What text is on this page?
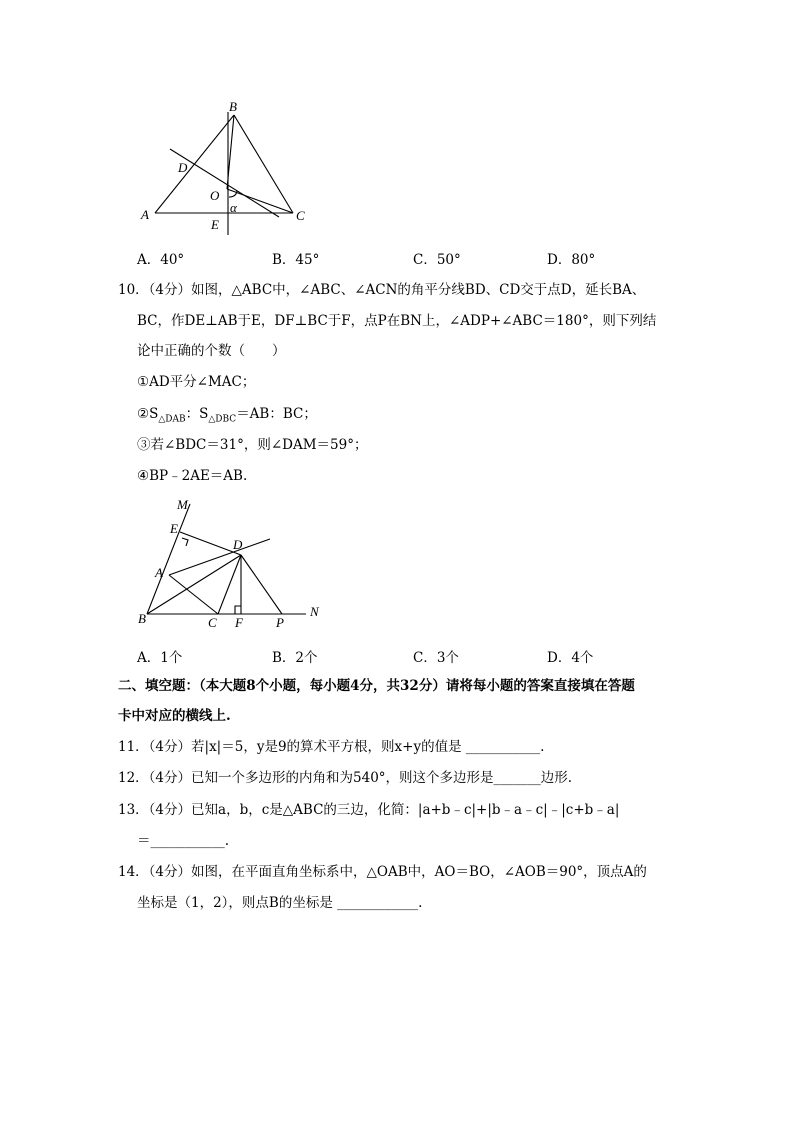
B
D
O
α
A
E
C
A．40°	B．45°	C．50°	D．80°
10．（4分）如图，△ABC中，∠ABC、∠ACN的角平分线BD、CD交于点D，延长BA、
BC，作DE⊥AB于E，DF⊥BC于F，点P在BN上，∠ADP+∠ABC＝180°，则下列结
论中正确的个数（　　）
①AD平分∠MAC；
$②S_{\triangle DAB}$：$S_{\triangle DBC}=AB$：BC；
③若∠BDC＝31°，则∠DAM＝59°；
④BP﹣2AE＝AB.
M
E
D
A
B	C F	P
N
A．1个	B．2个	C．3个	D．4个
二、填空题：（本大题8个小题，每小题4分，共32分）请将每小题的答案直接填在答题
卡中对应的横线上.
11．（4分）若|x|＝5，y是9的算术平方根，则x+y的值是 ___________.
12．（4分）已知一个多边形的内角和为540°，则这个多边形是_______边形.
13．（4分）已知a，b，c是△ABC的三边，化简：|a+b﹣c|+|b﹣a﹣c|﹣|c+b﹣a|
＝___________.
14．（4分）如图，在平面直角坐标系中，△OAB中，AO＝BO，∠AOB＝90°，顶点A的
坐标是（1，2），则点B的坐标是 ____________.
